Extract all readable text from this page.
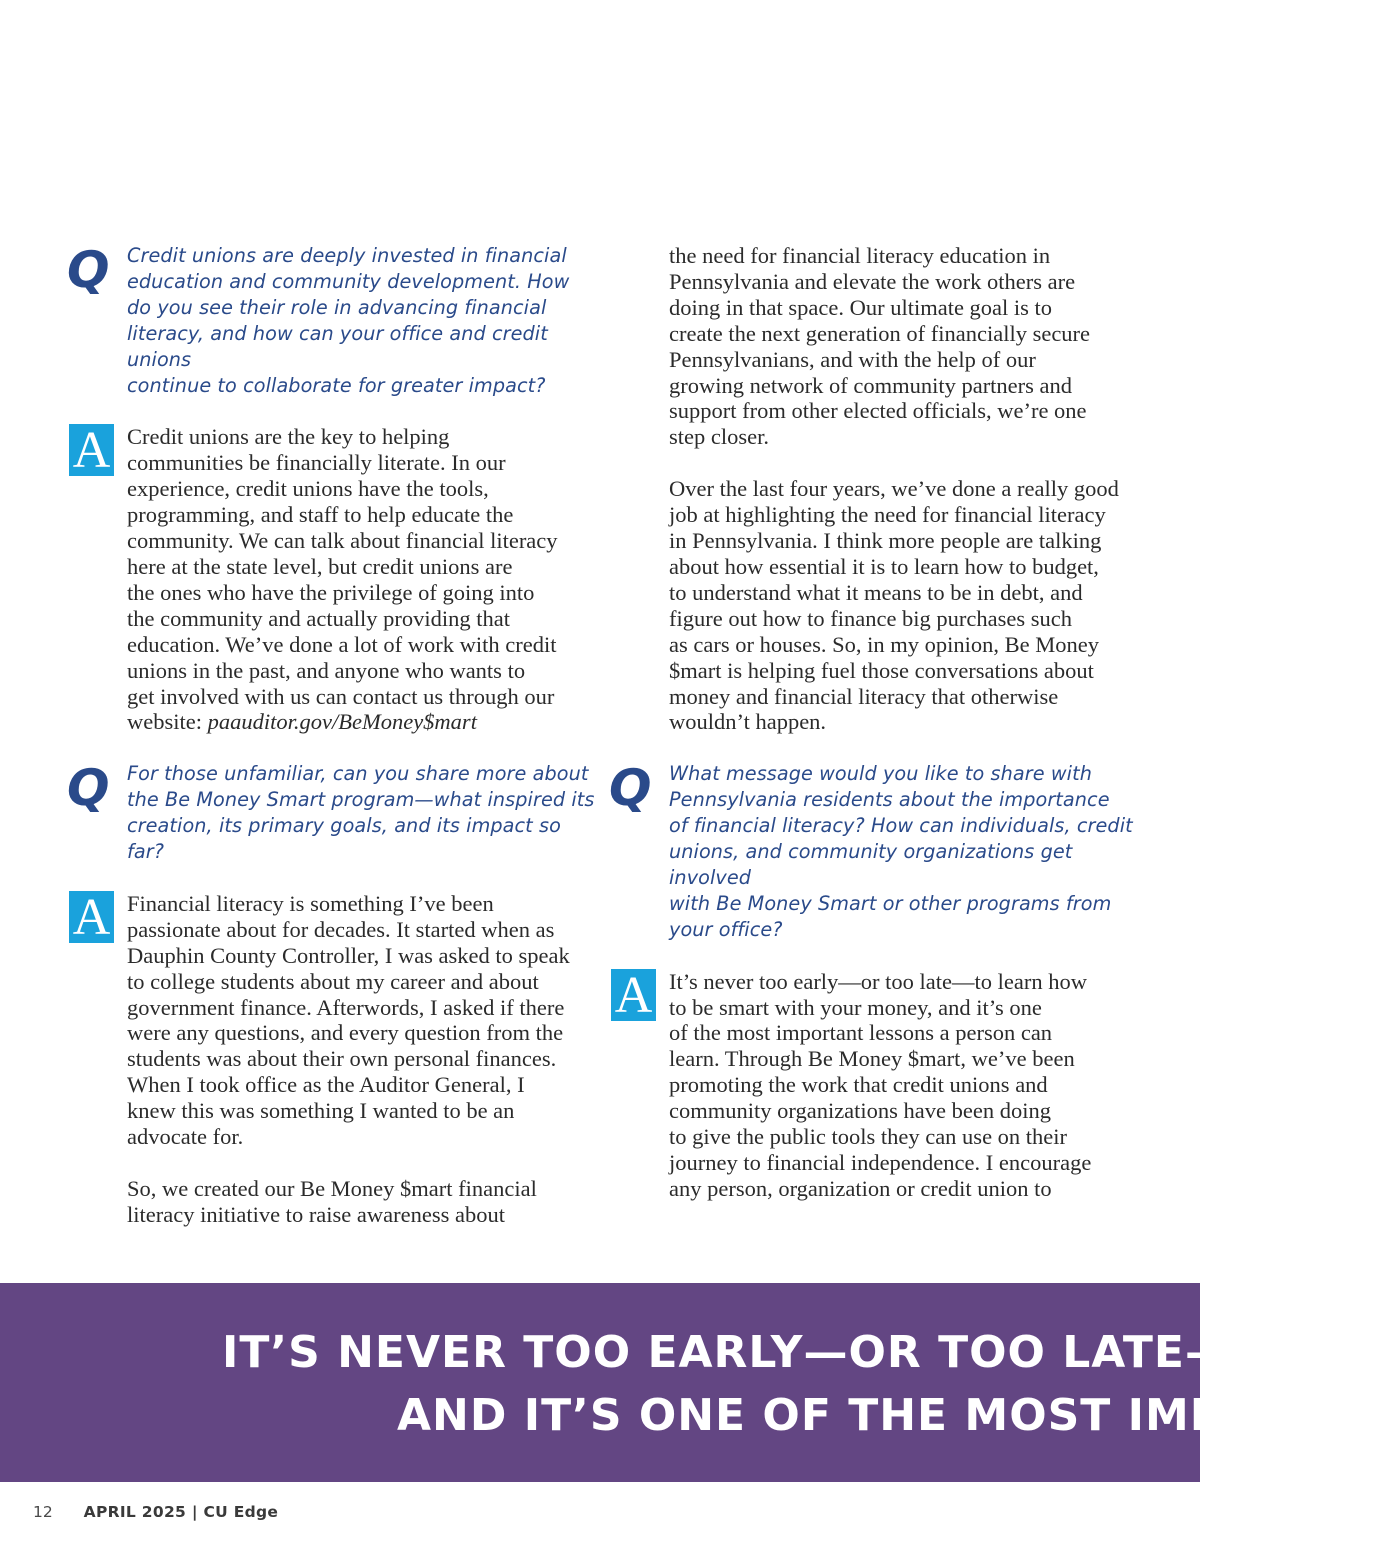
Q Credit unions are deeply invested in financial
education and community development. How
do you see their role in advancing financial
literacy, and how can your office and credit unions
continue to collaborate for greater impact?

A Credit unions are the key to helping
communities be financially literate. In our
experience, credit unions have the tools,
programming, and staff to help educate the
community. We can talk about financial literacy
here at the state level, but credit unions are
the ones who have the privilege of going into
the community and actually providing that
education. We’ve done a lot of work with credit
unions in the past, and anyone who wants to
get involved with us can contact us through our
website: paauditor.gov/BeMoney$mart

Q For those unfamiliar, can you share more about
the Be Money Smart program—what inspired its
creation, its primary goals, and its impact so far?

A Financial literacy is something I’ve been
passionate about for decades. It started when as
Dauphin County Controller, I was asked to speak
to college students about my career and about
government finance. Afterwords, I asked if there
were any questions, and every question from the
students was about their own personal finances.
When I took office as the Auditor General, I
knew this was something I wanted to be an
advocate for.

So, we created our Be Money $mart financial
literacy initiative to raise awareness about

the need for financial literacy education in
Pennsylvania and elevate the work others are
doing in that space. Our ultimate goal is to
create the next generation of financially secure
Pennsylvanians, and with the help of our
growing network of community partners and
support from other elected officials, we’re one
step closer.

Over the last four years, we’ve done a really good
job at highlighting the need for financial literacy
in Pennsylvania. I think more people are talking
about how essential it is to learn how to budget,
to understand what it means to be in debt, and
figure out how to finance big purchases such
as cars or houses. So, in my opinion, Be Money
$mart is helping fuel those conversations about
money and financial literacy that otherwise
wouldn’t happen.

Q What message would you like to share with
Pennsylvania residents about the importance
of financial literacy? How can individuals, credit
unions, and community organizations get involved
with Be Money Smart or other programs from
your office?

A It’s never too early—or too late—to learn how
to be smart with your money, and it’s one
of the most important lessons a person can
learn. Through Be Money $mart, we’ve been
promoting the work that credit unions and
community organizations have been doing
to give the public tools they can use on their
journey to financial independence. I encourage
any person, organization or credit union to

IT’S NEVER TOO EARLY—OR TOO LATE—TO LE
AND IT’S ONE OF THE MOST IMPORTA
12 APRIL 2025 | CU Edge
